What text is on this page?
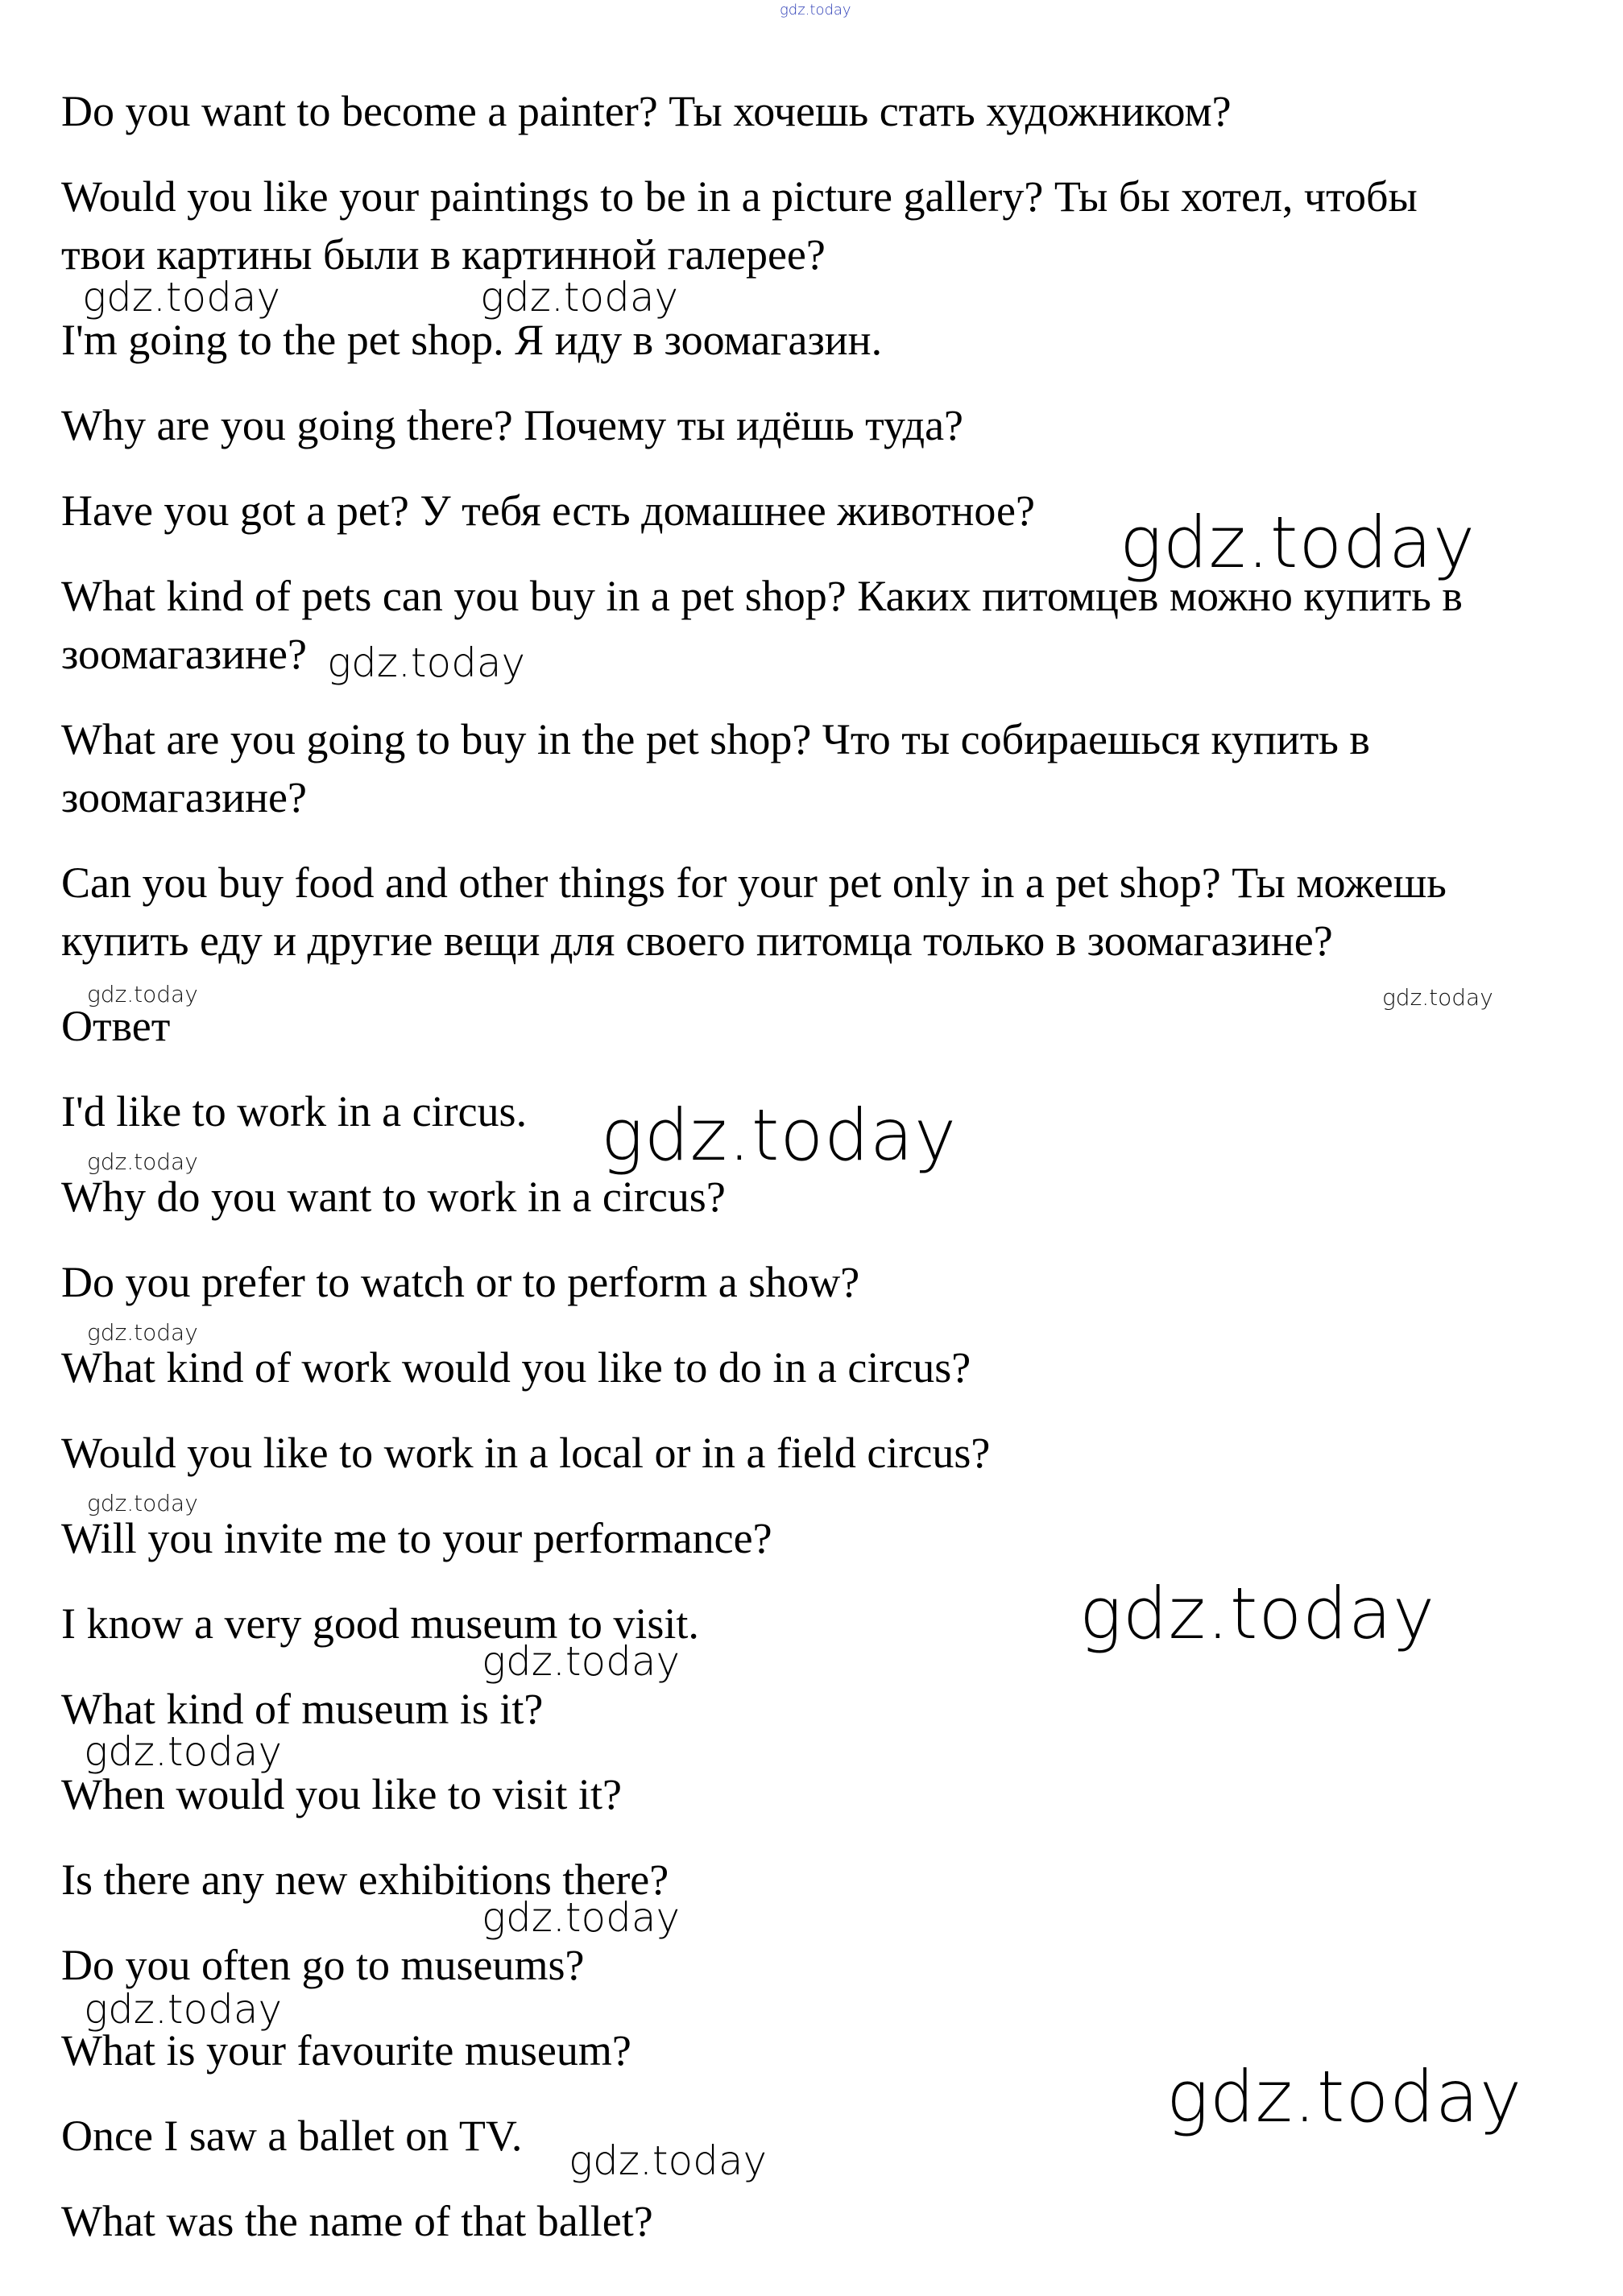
gdz.today
Do you want to become a painter? Ты хочешь стать художником?
Would you like your paintings to be in a picture gallery? Ты бы хотел, чтобы
твои картины были в картинной галерее?
I'm going to the pet shop. Я иду в зоомагазин.
Why are you going there? Почему ты идёшь туда?
Have you got a pet? У тебя есть домашнее животное?
What kind of pets can you buy in a pet shop? Каких питомцев можно купить в
зоомагазине?
What are you going to buy in the pet shop? Что ты собираешься купить в
зоомагазине?
Can you buy food and other things for your pet only in a pet shop? Ты можешь
купить еду и другие вещи для своего питомца только в зоомагазине?
Ответ
I'd like to work in a circus.
Why do you want to work in a circus?
Do you prefer to watch or to perform a show?
What kind of work would you like to do in a circus?
Would you like to work in a local or in a field circus?
Will you invite me to your performance?
I know a very good museum to visit.
What kind of museum is it?
When would you like to visit it?
Is there any new exhibitions there?
Do you often go to museums?
What is your favourite museum?
Once I saw a ballet on TV.
What was the name of that ballet?
gdz.today	gdz.today
gdz.today
gdz.today
gdz.today	gdz.today
gdz.today
gdz.today
gdz.today
gdz.today
gdz.today
gdz.today
gdz.today
gdz.today
gdz.today
gdz.today
gdz.today
